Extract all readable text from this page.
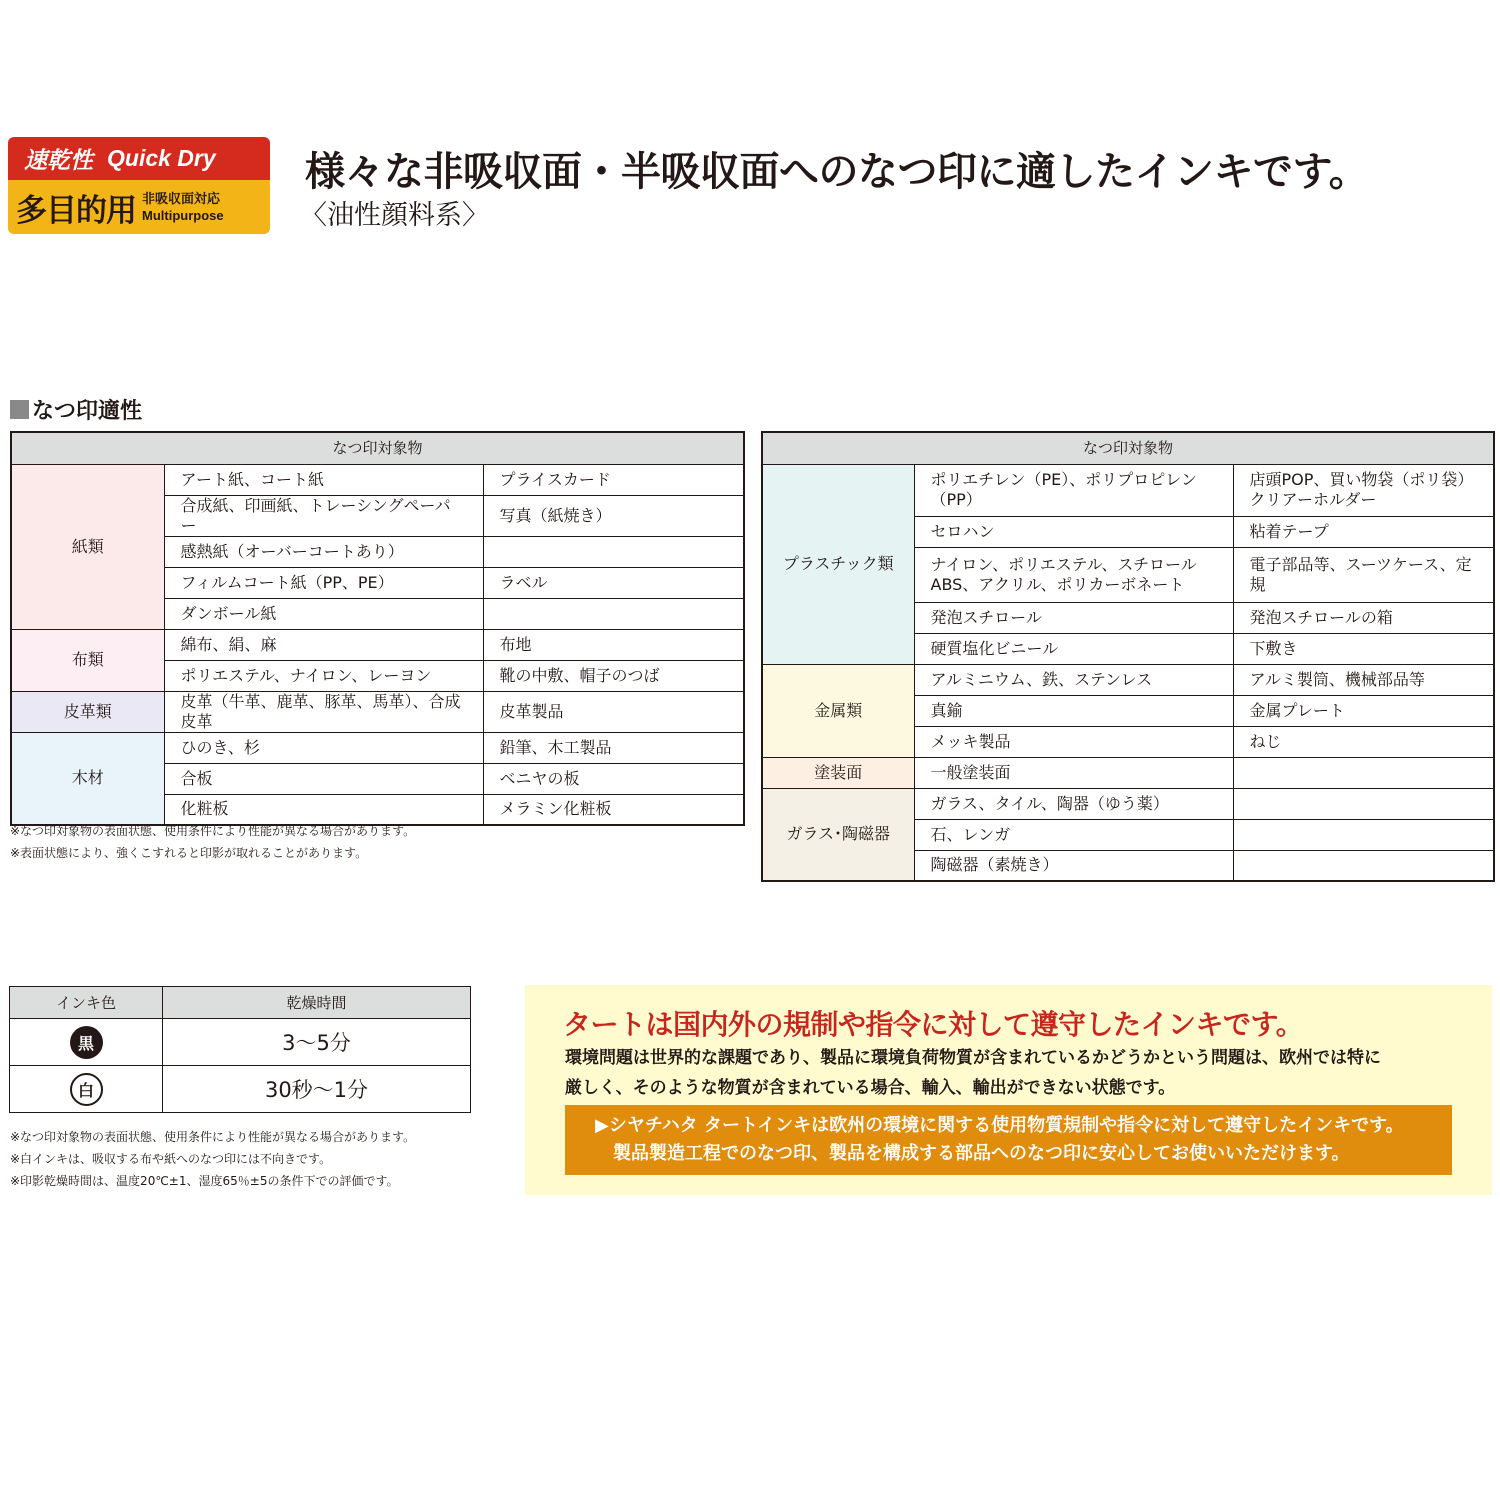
速乾性 Quick Dry
多目的用 非吸収面対応
Multipurpose
様々な非吸収面・半吸収面へのなつ印に適したインキです。
〈油性顔料系〉
なつ印適性
なつ印対象物		
紙類	アート紙、コート紙	プライスカード
	合成紙、印画紙、トレーシングペーパー	写真（紙焼き）
	感熱紙（オーバーコートあり）	
	フィルムコート紙（PP、PE）	ラベル
	ダンボール紙	
布類	綿布、絹、麻	布地
	ポリエステル、ナイロン、レーヨン	靴の中敷、帽子のつば
皮革類	皮革（牛革、鹿革、豚革、馬革）、合成皮革	皮革製品
木材	ひのき、杉	鉛筆、木工製品
	合板	ベニヤの板
	化粧板	メラミン化粧板
なつ印対象物		
プラスチック類	ポリエチレン（PE）、ポリプロピレン（PP）	店頭POP、買い物袋（ポリ袋）
クリアーホルダー
	セロハン	粘着テープ
	ナイロン、ポリエステル、スチロール
ABS、アクリル、ポリカーボネート	電子部品等、スーツケース、定規
	発泡スチロール	発泡スチロールの箱
	硬質塩化ビニール	下敷き
金属類	アルミニウム、鉄、ステンレス	アルミ製筒、機械部品等
	真鍮	金属プレート
	メッキ製品	ねじ
塗装面	一般塗装面	
ガラス･陶磁器	ガラス、タイル、陶器（ゆう薬）	
	石、レンガ	
	陶磁器（素焼き）	
※なつ印対象物の表面状態、使用条件により性能が異なる場合があります。
※表面状態により、強くこすれると印影が取れることがあります。
インキ色	乾燥時間
黒	3～5分
白	30秒～1分
※なつ印対象物の表面状態、使用条件により性能が異なる場合があります。
※白インキは、吸収する布や紙へのなつ印には不向きです。
※印影乾燥時間は、温度20℃±1、湿度65％±5の条件下での評価です。
タートは国内外の規制や指令に対して遵守したインキです。
環境問題は世界的な課題であり、製品に環境負荷物質が含まれているかどうかという問題は、欧州では特に
厳しく、そのような物質が含まれている場合、輸入、輸出ができない状態です。
▶シヤチハタ タートインキは欧州の環境に関する使用物質規制や指令に対して遵守したインキです。
　製品製造工程でのなつ印、製品を構成する部品へのなつ印に安心してお使いいただけます。
